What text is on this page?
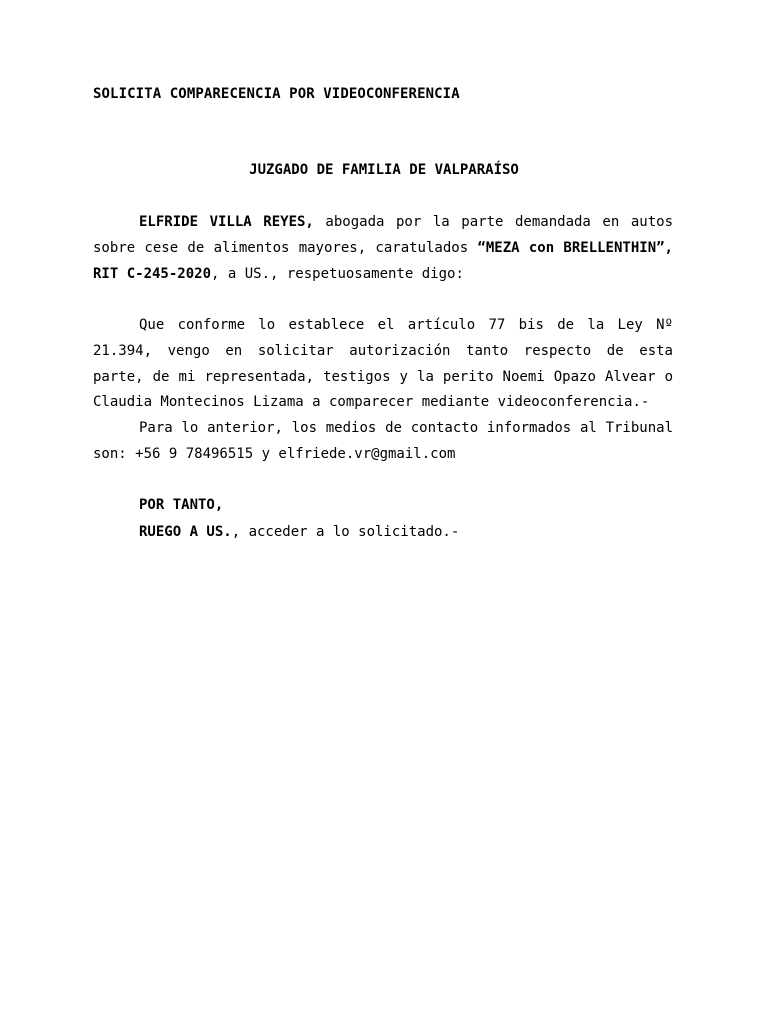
SOLICITA COMPARECENCIA POR VIDEOCONFERENCIA
JUZGADO DE FAMILIA DE VALPARAÍSO

ELFRIDE VILLA REYES, abogada por la parte demandada en autos sobre cese de alimentos mayores, caratulados “MEZA con BRELLENTHIN”, RIT C-245-2020, a US., respetuosamente digo:

Que conforme lo establece el artículo 77 bis de la Ley Nº 21.394, vengo en solicitar autorización tanto respecto de esta parte, de mi representada, testigos y la perito Noemi Opazo Alvear o Claudia Montecinos Lizama a comparecer mediante videoconferencia.-

Para lo anterior, los medios de contacto informados al Tribunal son: +56 9 78496515 y elfriede.vr@gmail.com

POR TANTO,
RUEGO A US., acceder a lo solicitado.-
